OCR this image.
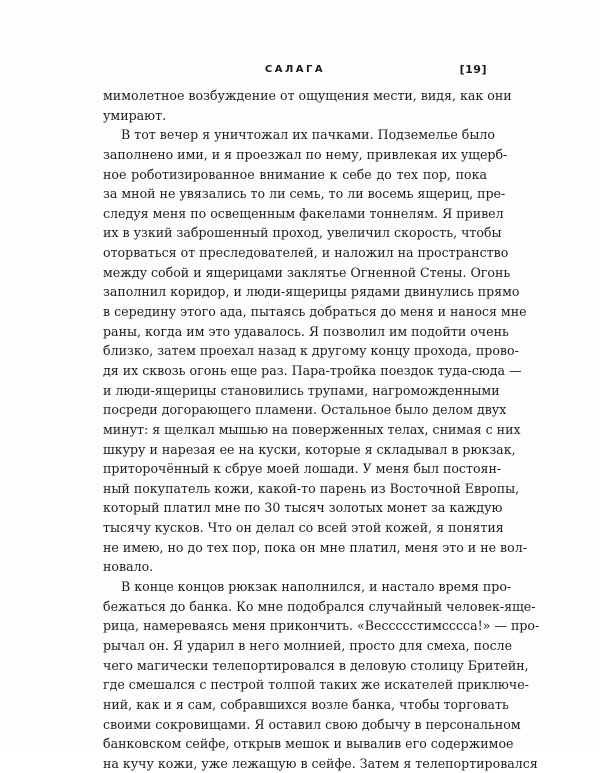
САЛАГА	[19]
мимолетное возбуждение от ощущения мести, видя, как они
умирают.
В тот вечер я уничтожал их пачками. Подземелье было
заполнено ими, и я проезжал по нему, привлекая их ущерб-
ное роботизированное внимание к себе до тех пор, пока
за мной не увязались то ли семь, то ли восемь ящериц, пре-
следуя меня по освещенным факелами тоннелям. Я привел
их в узкий заброшенный проход, увеличил скорость, чтобы
оторваться от преследователей, и наложил на пространство
между собой и ящерицами заклятье Огненной Стены. Огонь
заполнил коридор, и люди-ящерицы рядами двинулись прямо
в середину этого ада, пытаясь добраться до меня и нанося мне
раны, когда им это удавалось. Я позволил им подойти очень
близко, затем проехал назад к другому концу прохода, прово-
дя их сквозь огонь еще раз. Пара-тройка поездок туда-сюда —
и люди-ящерицы становились трупами, нагроможденными
посреди догорающего пламени. Остальное было делом двух
минут: я щелкал мышью на поверженных телах, снимая с них
шкуру и нарезая ее на куски, которые я складывал в рюкзак,
приторочённый к сбруе моей лошади. У меня был постоян-
ный покупатель кожи, какой-то парень из Восточной Европы,
который платил мне по 30 тысяч золотых монет за каждую
тысячу кусков. Что он делал со всей этой кожей, я понятия
не имею, но до тех пор, пока он мне платил, меня это и не вол-
новало.
В конце концов рюкзак наполнился, и настало время про-
бежаться до банка. Ко мне подобрался случайный человек-яще-
рица, намереваясь меня прикончить. «Вессссстимсссса!» — про-
рычал он. Я ударил в него молнией, просто для смеха, после
чего магически телепортировался в деловую столицу Бритейн,
где смешался с пестрой толпой таких же искателей приключе-
ний, как и я сам, собравшихся возле банка, чтобы торговать
своими сокровищами. Я оставил свою добычу в персональном
банковском сейфе, открыв мешок и вывалив его содержимое
на кучу кожи, уже лежащую в сейфе. Затем я телепортировался
